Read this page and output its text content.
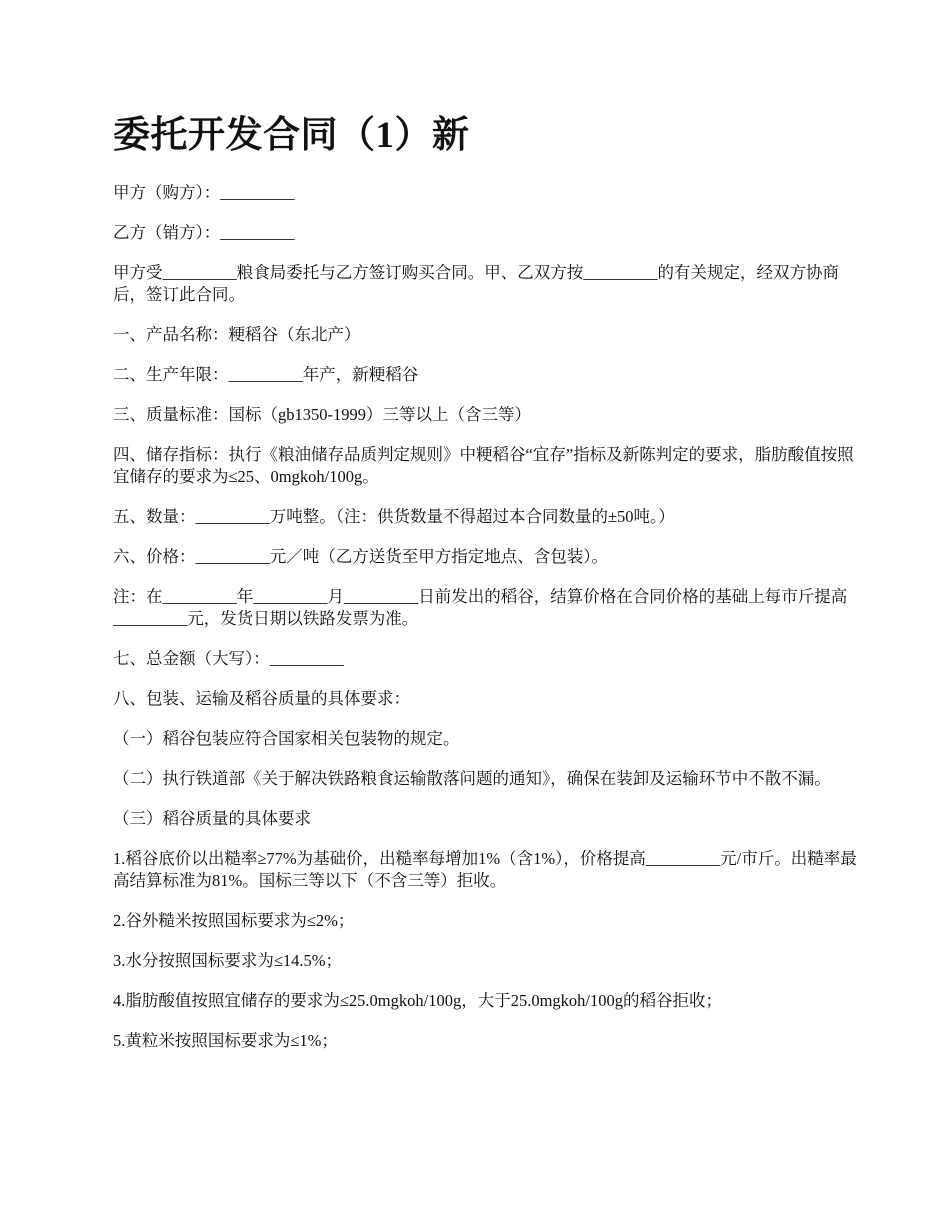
委托开发合同（1）新

甲方（购方）：_________

乙方（销方）：_________

甲方受_________粮食局委托与乙方签订购买合同。甲、乙双方按_________的有关规定，经双方协商后，签订此合同。

一、产品名称：粳稻谷（东北产）

二、生产年限：_________年产，新粳稻谷

三、质量标准：国标（gb1350-1999）三等以上（含三等）

四、储存指标：执行《粮油储存品质判定规则》中粳稻谷“宜存”指标及新陈判定的要求，脂肪酸值按照宜储存的要求为≤25、0mgkoh/100g。

五、数量：_________万吨整。（注：供货数量不得超过本合同数量的±50吨。）

六、价格：_________元／吨（乙方送货至甲方指定地点、含包装）。

注：在_________年_________月_________日前发出的稻谷，结算价格在合同价格的基础上每市斤提高_________元，发货日期以铁路发票为准。

七、总金额（大写）：_________

八、包装、运输及稻谷质量的具体要求：

（一）稻谷包装应符合国家相关包装物的规定。

（二）执行铁道部《关于解决铁路粮食运输散落问题的通知》，确保在装卸及运输环节中不散不漏。

（三）稻谷质量的具体要求

1.稻谷底价以出糙率≥77%为基础价，出糙率每增加1%（含1%），价格提高_________元/市斤。出糙率最高结算标准为81%。国标三等以下（不含三等）拒收。

2.谷外糙米按照国标要求为≤2%；

3.水分按照国标要求为≤14.5%；

4.脂肪酸值按照宜储存的要求为≤25.0mgkoh/100g，大于25.0mgkoh/100g的稻谷拒收；

5.黄粒米按照国标要求为≤1%；
